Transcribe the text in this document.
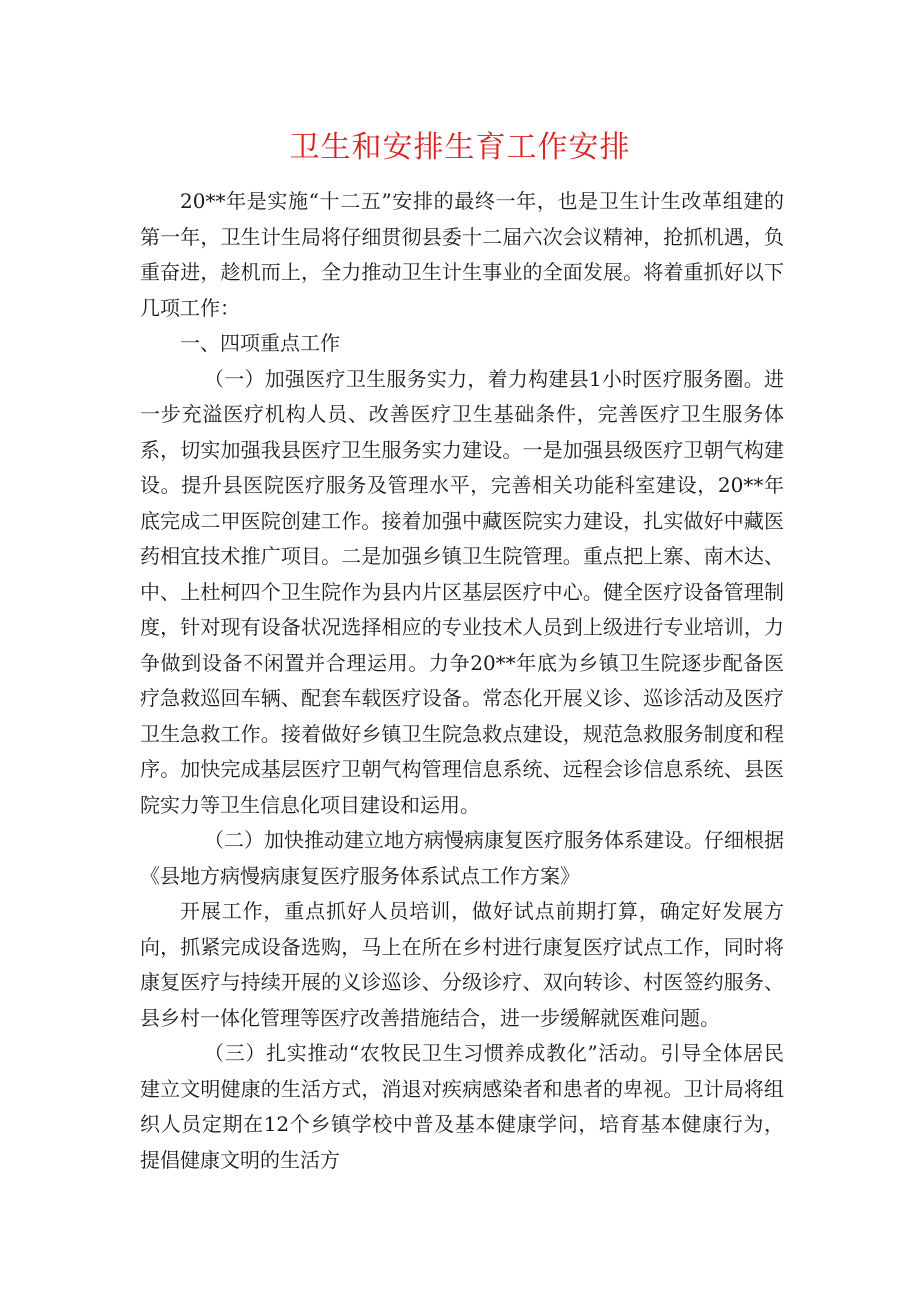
卫生和安排生育工作安排

20**年是实施“十二五”安排的最终一年，也是卫生计生改革组建的第一年，卫生计生局将仔细贯彻县委十二届六次会议精神，抢抓机遇，负重奋进，趁机而上，全力推动卫生计生事业的全面发展。将着重抓好以下几项工作：

一、四项重点工作

（一）加强医疗卫生服务实力，着力构建县1小时医疗服务圈。进一步充溢医疗机构人员、改善医疗卫生基础条件，完善医疗卫生服务体系，切实加强我县医疗卫生服务实力建设。一是加强县级医疗卫朝气构建设。提升县医院医疗服务及管理水平，完善相关功能科室建设，20**年底完成二甲医院创建工作。接着加强中藏医院实力建设，扎实做好中藏医药相宜技术推广项目。二是加强乡镇卫生院管理。重点把上寨、南木达、中、上杜柯四个卫生院作为县内片区基层医疗中心。健全医疗设备管理制度，针对现有设备状况选择相应的专业技术人员到上级进行专业培训，力争做到设备不闲置并合理运用。力争20**年底为乡镇卫生院逐步配备医疗急救巡回车辆、配套车载医疗设备。常态化开展义诊、巡诊活动及医疗卫生急救工作。接着做好乡镇卫生院急救点建设，规范急救服务制度和程序。加快完成基层医疗卫朝气构管理信息系统、远程会诊信息系统、县医院实力等卫生信息化项目建设和运用。

（二）加快推动建立地方病慢病康复医疗服务体系建设。仔细根据《县地方病慢病康复医疗服务体系试点工作方案》

开展工作，重点抓好人员培训，做好试点前期打算，确定好发展方向，抓紧完成设备选购，马上在所在乡村进行康复医疗试点工作，同时将康复医疗与持续开展的义诊巡诊、分级诊疗、双向转诊、村医签约服务、县乡村一体化管理等医疗改善措施结合，进一步缓解就医难问题。

（三）扎实推动“农牧民卫生习惯养成教化”活动。引导全体居民建立文明健康的生活方式，消退对疾病感染者和患者的卑视。卫计局将组织人员定期在12个乡镇学校中普及基本健康学问，培育基本健康行为，提倡健康文明的生活方
